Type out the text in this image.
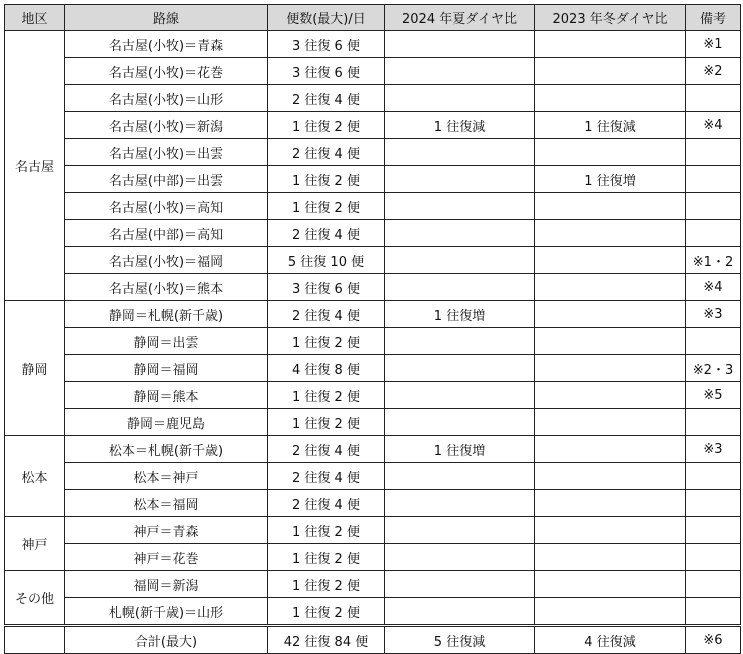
地区	路線	便数(最大)/日	2024 年夏ダイヤ比	2023 年冬ダイヤ比	備考
名古屋	名古屋(小牧)＝青森	3 往復 6 便			※1
	名古屋(小牧)＝花巻	3 往復 6 便			※2
	名古屋(小牧)＝山形	2 往復 4 便			
	名古屋(小牧)＝新潟	1 往復 2 便	1 往復減	1 往復減	※4
	名古屋(小牧)＝出雲	2 往復 4 便			
	名古屋(中部)＝出雲	1 往復 2 便		1 往復増	
	名古屋(小牧)＝高知	1 往復 2 便			
	名古屋(中部)＝高知	2 往復 4 便			
	名古屋(小牧)＝福岡	5 往復 10 便			※1・2
	名古屋(小牧)＝熊本	3 往復 6 便			※4
静岡	静岡＝札幌(新千歳)	2 往復 4 便	1 往復増		※3
	静岡＝出雲	1 往復 2 便			
	静岡＝福岡	4 往復 8 便			※2・3
	静岡＝熊本	1 往復 2 便			※5
	静岡＝鹿児島	1 往復 2 便			
松本	松本＝札幌(新千歳)	2 往復 4 便	1 往復増		※3
	松本＝神戸	2 往復 4 便			
	松本＝福岡	2 往復 4 便			
神戸	神戸＝青森	1 往復 2 便			
	神戸＝花巻	1 往復 2 便			
その他	福岡＝新潟	1 往復 2 便			
	札幌(新千歳)＝山形	1 往復 2 便			
	合計(最大)	42 往復 84 便	5 往復減	4 往復減	※6
